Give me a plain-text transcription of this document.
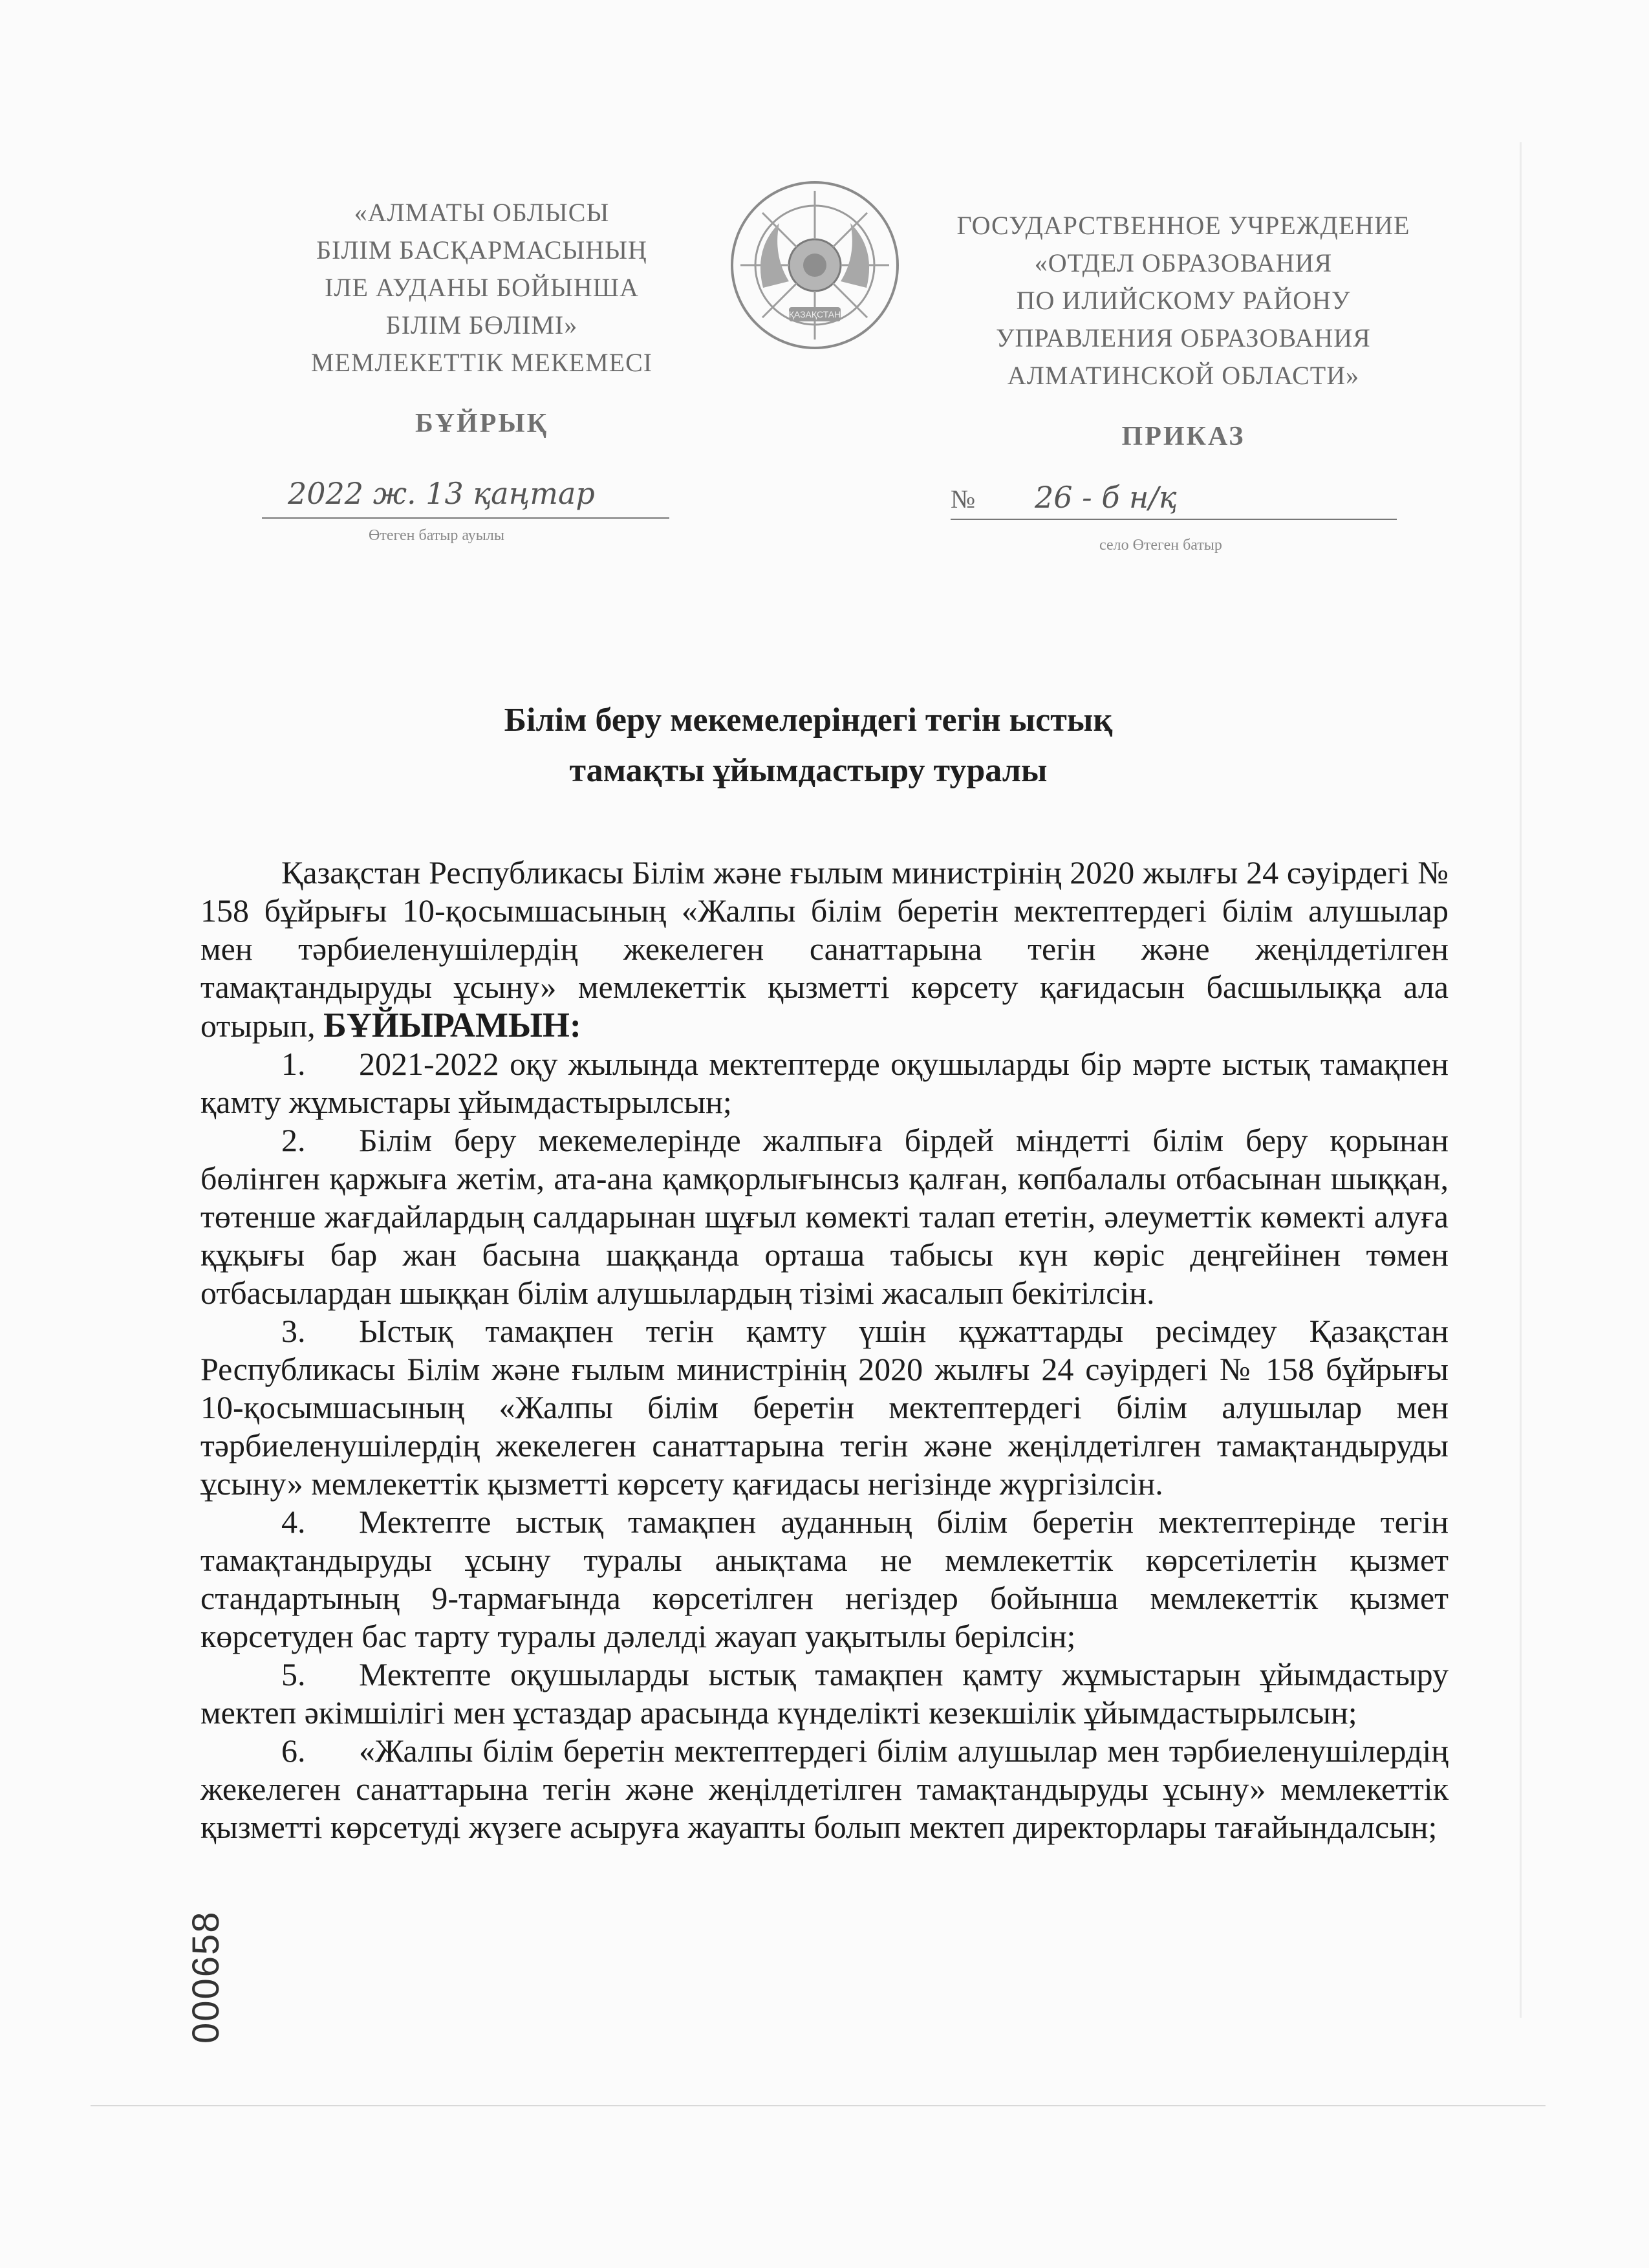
«АЛМАТЫ ОБЛЫСЫ
БІЛІМ БАСҚАРМАСЫНЫҢ
ІЛЕ АУДАНЫ БОЙЫНША
БІЛІМ БӨЛІМІ»
МЕМЛЕКЕТТІК МЕКЕМЕСІ
БҰЙРЫҚ
ҚАЗАҚСТАН
ГОСУДАРСТВЕННОЕ УЧРЕЖДЕНИЕ
«ОТДЕЛ ОБРАЗОВАНИЯ
ПО ИЛИЙСКОМУ РАЙОНУ
УПРАВЛЕНИЯ ОБРАЗОВАНИЯ
АЛМАТИНСКОЙ ОБЛАСТИ»
ПРИКАЗ
2022 ж. 13 қаңтар
Өтеген батыр ауылы
№ 26 - б н/қ
село Өтеген батыр
Білім беру мекемелеріндегі тегін ыстық
тамақты ұйымдастыру туралы

Қазақстан Республикасы Білім және ғылым министрінің 2020 жылғы 24 сәуірдегі № 158 бұйрығы 10-қосымшасының «Жалпы білім беретін мектептердегі білім алушылар мен тәрбиеленушілердің жекелеген санаттарына тегін және жеңілдетілген тамақтандыруды ұсыну» мемлекеттік қызметті көрсету қағидасын басшылыққа ала отырып, БҰЙЫРАМЫН:

1. 2021-2022 оқу жылында мектептерде оқушыларды бір мәрте ыстық тамақпен қамту жұмыстары ұйымдастырылсын;

2. Білім беру мекемелерінде жалпыға бірдей міндетті білім беру қорынан бөлінген қаржыға жетім, ата-ана қамқорлығынсыз қалған, көпбалалы отбасынан шыққан, төтенше жағдайлардың салдарынан шұғыл көмекті талап ететін, әлеуметтік көмекті алуға құқығы бар жан басына шаққанда орташа табысы күн көріс деңгейінен төмен отбасылардан шыққан білім алушылардың тізімі жасалып бекітілсін.

3. Ыстық тамақпен тегін қамту үшін құжаттарды ресімдеу Қазақстан Республикасы Білім және ғылым министрінің 2020 жылғы 24 сәуірдегі № 158 бұйрығы 10-қосымшасының «Жалпы білім беретін мектептердегі білім алушылар мен тәрбиеленушілердің жекелеген санаттарына тегін және жеңілдетілген тамақтандыруды ұсыну» мемлекеттік қызметті көрсету қағидасы негізінде жүргізілсін.

4. Мектепте ыстық тамақпен ауданның білім беретін мектептерінде тегін тамақтандыруды ұсыну туралы анықтама не мемлекеттік көрсетілетін қызмет стандартының 9-тармағында көрсетілген негіздер бойынша мемлекеттік қызмет көрсетуден бас тарту туралы дәлелді жауап уақытылы берілсін;

5. Мектепте оқушыларды ыстық тамақпен қамту жұмыстарын ұйымдастыру мектеп әкімшілігі мен ұстаздар арасында күнделікті кезекшілік ұйымдастырылсын;

6. «Жалпы білім беретін мектептердегі білім алушылар мен тәрбиеленушілердің жекелеген санаттарына тегін және жеңілдетілген тамақтандыруды ұсыну» мемлекеттік қызметті көрсетуді жүзеге асыруға жауапты болып мектеп директорлары тағайындалсын;

000658
